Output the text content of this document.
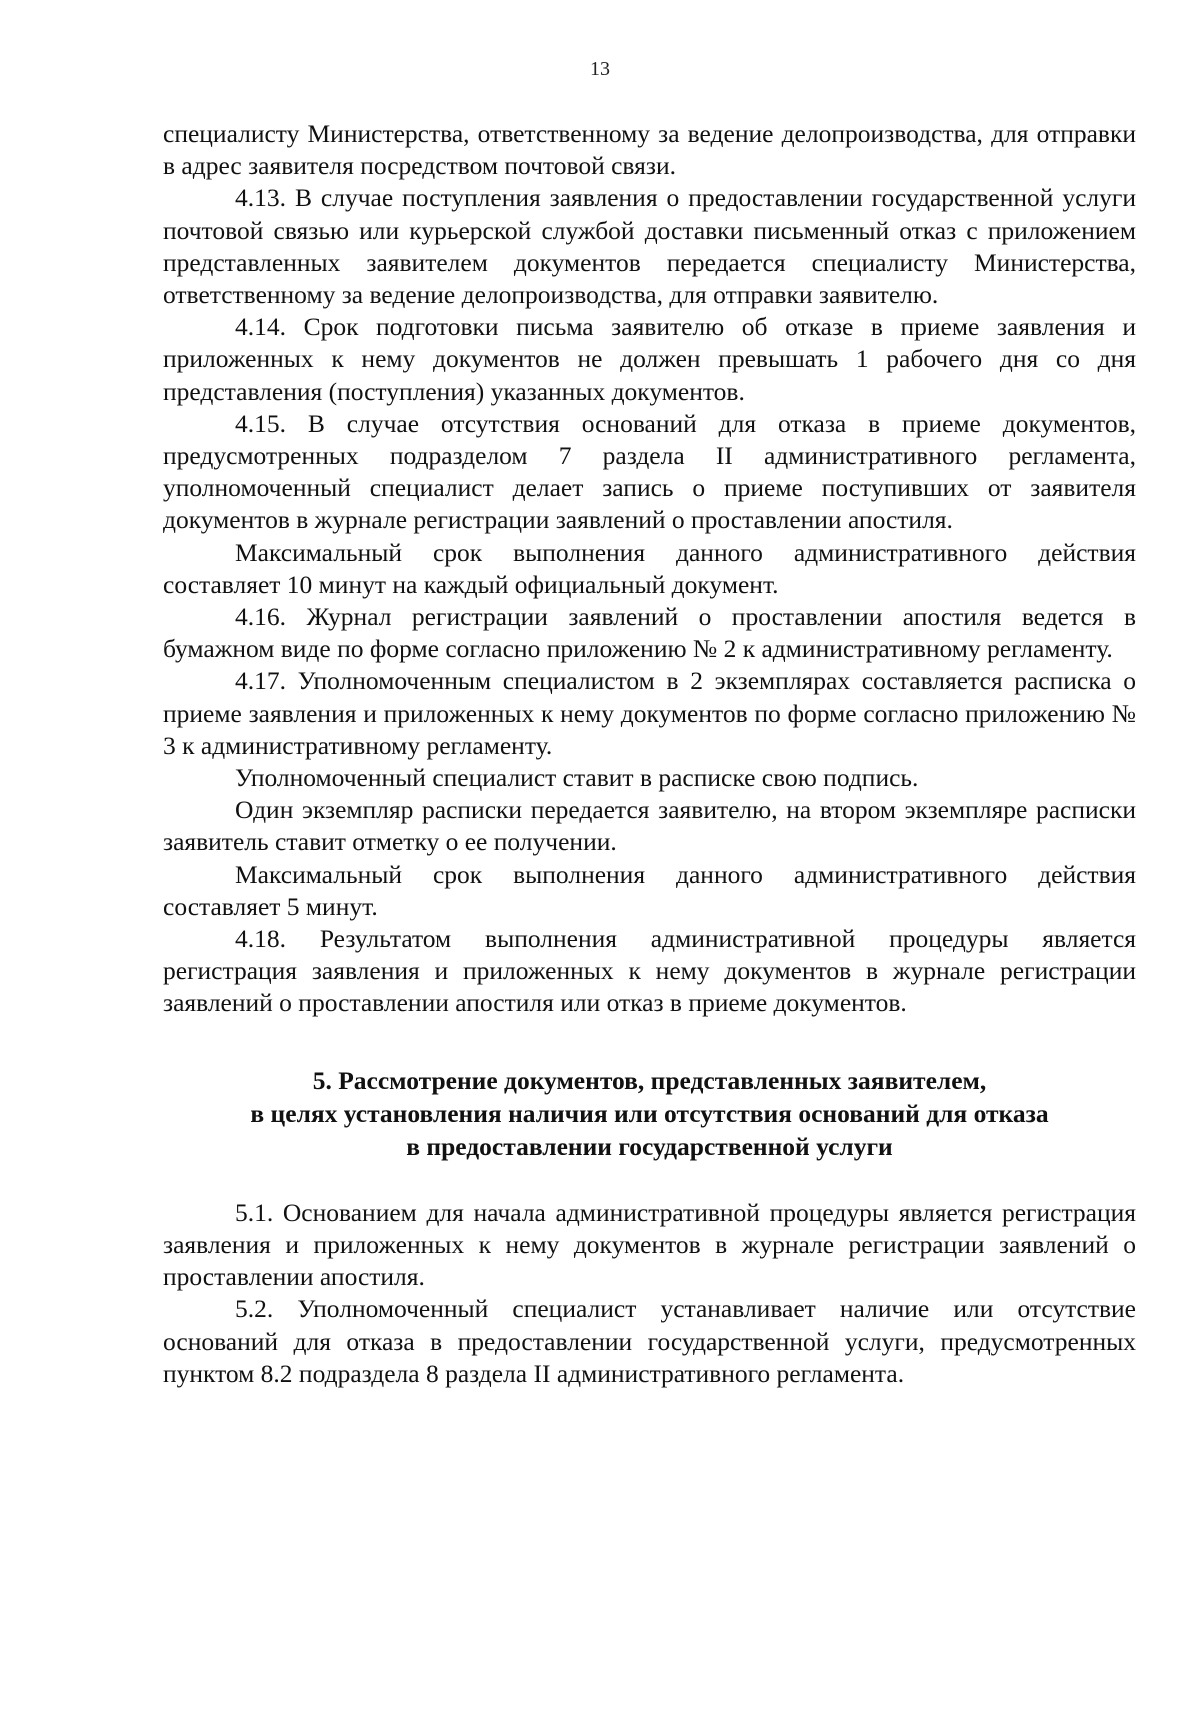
13

специалисту Министерства, ответственному за ведение делопроизводства, для отправки в адрес заявителя посредством почтовой связи.

4.13. В случае поступления заявления о предоставлении государственной услуги почтовой связью или курьерской службой доставки письменный отказ с приложением представленных заявителем документов передается специалисту Министерства, ответственному за ведение делопроизводства, для отправки заявителю.

4.14. Срок подготовки письма заявителю об отказе в приеме заявления и приложенных к нему документов не должен превышать 1 рабочего дня со дня представления (поступления) указанных документов.

4.15. В случае отсутствия оснований для отказа в приеме документов, предусмотренных подразделом 7 раздела II административного регламента, уполномоченный специалист делает запись о приеме поступивших от заявителя документов в журнале регистрации заявлений о проставлении апостиля.

Максимальный срок выполнения данного административного действия составляет 10 минут на каждый официальный документ.

4.16. Журнал регистрации заявлений о проставлении апостиля ведется в бумажном виде по форме согласно приложению № 2 к административному регламенту.

4.17. Уполномоченным специалистом в 2 экземплярах составляется расписка о приеме заявления и приложенных к нему документов по форме согласно приложению № 3 к административному регламенту.

Уполномоченный специалист ставит в расписке свою подпись.

Один экземпляр расписки передается заявителю, на втором экземпляре расписки заявитель ставит отметку о ее получении.

Максимальный срок выполнения данного административного действия составляет 5 минут.

4.18. Результатом выполнения административной процедуры является регистрация заявления и приложенных к нему документов в журнале регистрации заявлений о проставлении апостиля или отказ в приеме документов.

5. Рассмотрение документов, представленных заявителем,
в целях установления наличия или отсутствия оснований для отказа
в предоставлении государственной услуги

5.1. Основанием для начала административной процедуры является регистрация заявления и приложенных к нему документов в журнале регистрации заявлений о проставлении апостиля.

5.2. Уполномоченный специалист устанавливает наличие или отсутствие оснований для отказа в предоставлении государственной услуги, предусмотренных пунктом 8.2 подраздела 8 раздела II административного регламента.
